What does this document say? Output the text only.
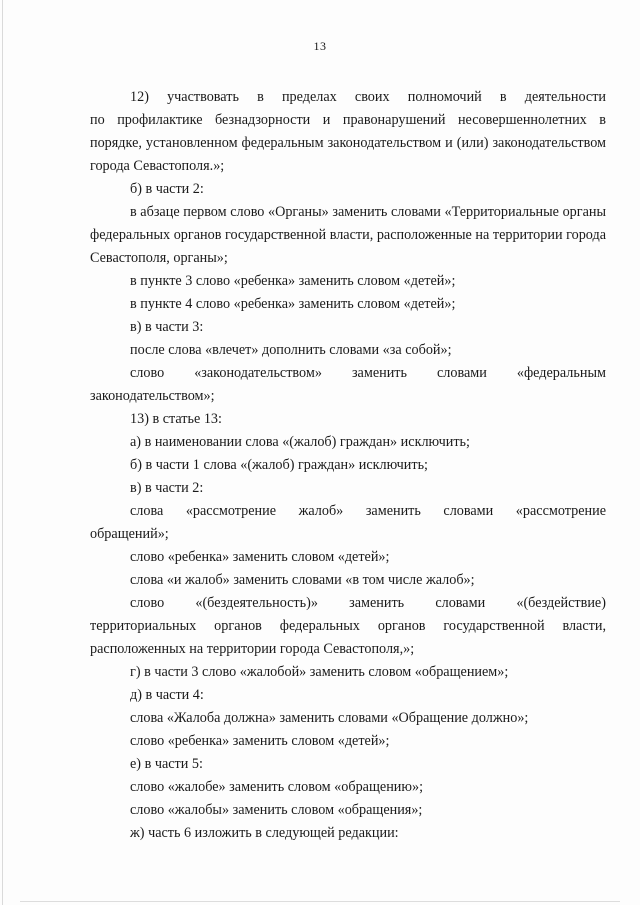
13
12) участвовать в пределах своих полномочий в деятельности

по профилактике безнадзорности и правонарушений несовершеннолетних в порядке, установленном федеральным законодательством и (или) законодательством города Севастополя.»;

б) в части 2:

в абзаце первом слово «Органы» заменить словами «Территориальные органы федеральных органов государственной власти, расположенные на территории города Севастополя, органы»;

в пункте 3 слово «ребенка» заменить словом «детей»;

в пункте 4 слово «ребенка» заменить словом «детей»;

в) в части 3:

после слова «влечет» дополнить словами «за собой»;

слово «законодательством» заменить словами «федеральным

законодательством»;

13) в статье 13:

а) в наименовании слова «(жалоб) граждан» исключить;

б) в части 1 слова «(жалоб) граждан» исключить;

в) в части 2:

слова «рассмотрение жалоб» заменить словами «рассмотрение

обращений»;

слово «ребенка» заменить словом «детей»;

слова «и жалоб» заменить словами «в том числе жалоб»;

слово «(бездеятельность)» заменить словами «(бездействие)

территориальных органов федеральных органов государственной власти, расположенных на территории города Севастополя,»;

г) в части 3 слово «жалобой» заменить словом «обращением»;

д) в части 4:

слова «Жалоба должна» заменить словами «Обращение должно»;

слово «ребенка» заменить словом «детей»;

е) в части 5:

слово «жалобе» заменить словом «обращению»;

слово «жалобы» заменить словом «обращения»;

ж) часть 6 изложить в следующей редакции:
